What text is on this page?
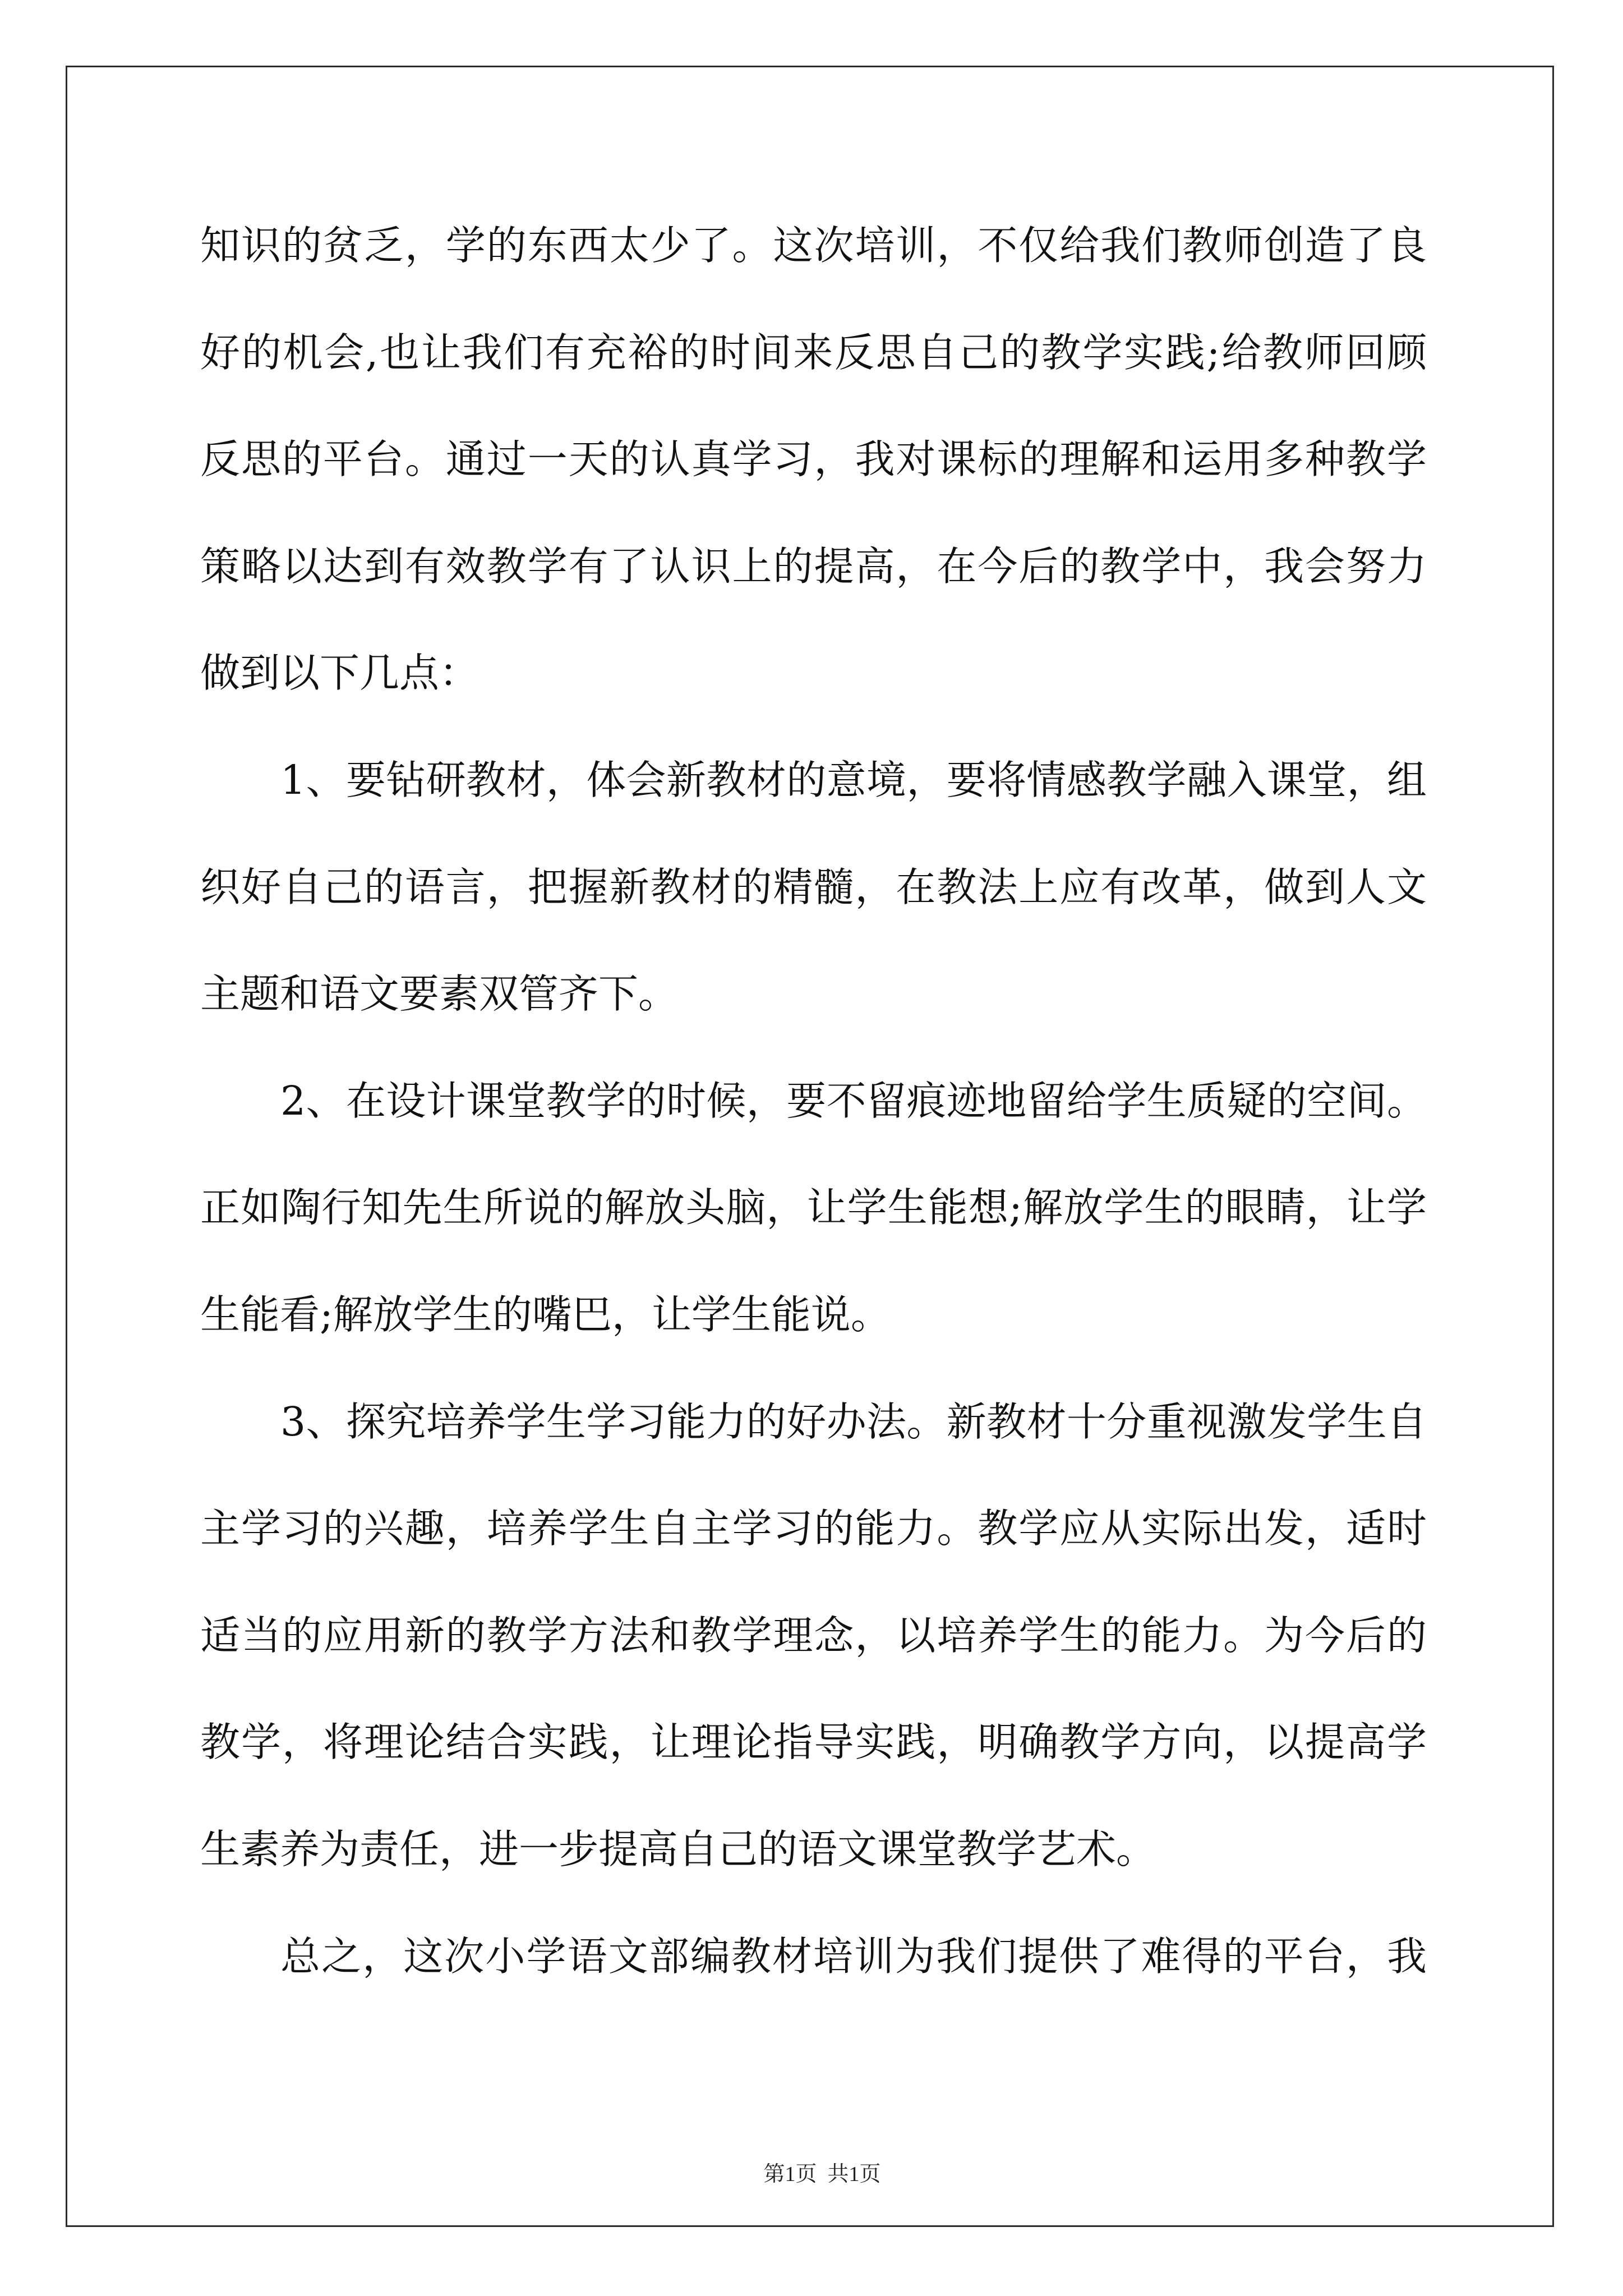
知识的贫乏，学的东西太少了。这次培训，不仅给我们教师创造了良
好的机会,也让我们有充裕的时间来反思自己的教学实践;给教师回顾
反思的平台。通过一天的认真学习，我对课标的理解和运用多种教学
策略以达到有效教学有了认识上的提高，在今后的教学中，我会努力
做到以下几点：
1、要钻研教材，体会新教材的意境，要将情感教学融入课堂，组
织好自己的语言，把握新教材的精髓，在教法上应有改革，做到人文
主题和语文要素双管齐下。
2、在设计课堂教学的时候，要不留痕迹地留给学生质疑的空间。
正如陶行知先生所说的解放头脑，让学生能想;解放学生的眼睛，让学
生能看;解放学生的嘴巴，让学生能说。
3、探究培养学生学习能力的好办法。新教材十分重视激发学生自
主学习的兴趣，培养学生自主学习的能力。教学应从实际出发，适时
适当的应用新的教学方法和教学理念，以培养学生的能力。为今后的
教学，将理论结合实践，让理论指导实践，明确教学方向，以提高学
生素养为责任，进一步提高自己的语文课堂教学艺术。
总之，这次小学语文部编教材培训为我们提供了难得的平台，我

第1页  共1页
